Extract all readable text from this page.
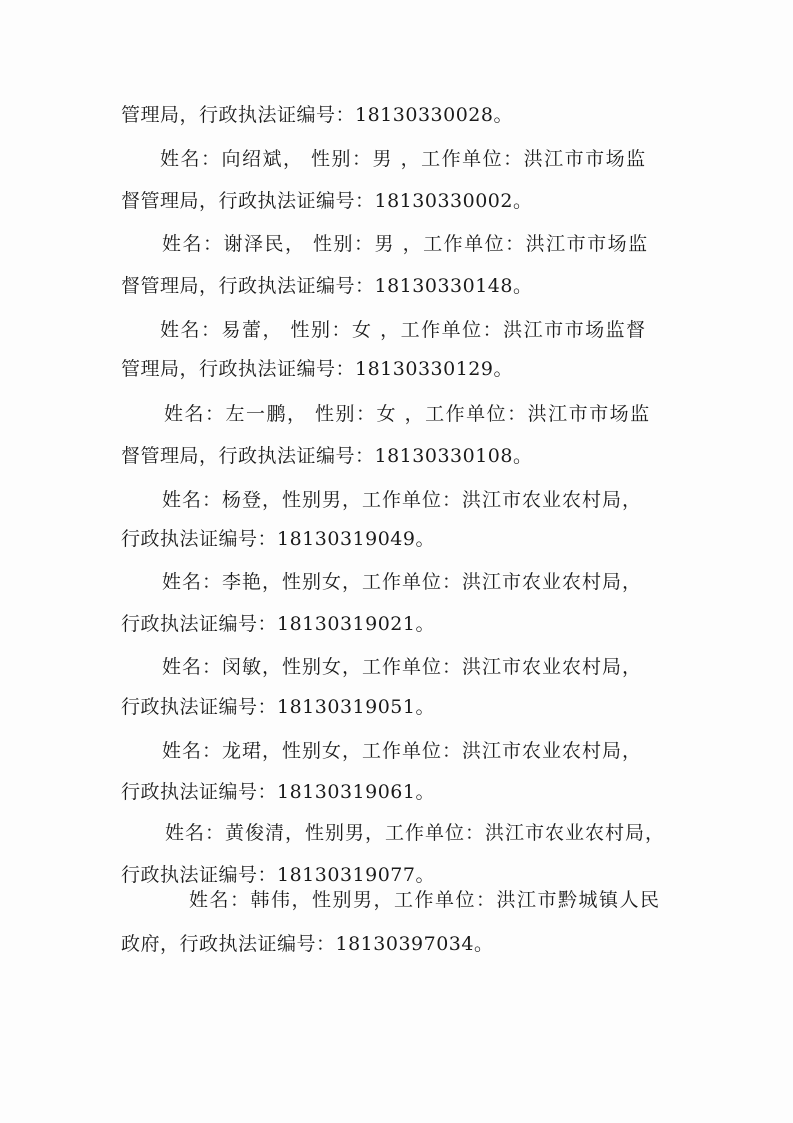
管理局，行政执法证编号：18130330028。
姓名：向绍斌， 性别：男 ，工作单位：洪江市市场监
督管理局，行政执法证编号：18130330002。
姓名：谢泽民， 性别：男 ，工作单位：洪江市市场监
督管理局，行政执法证编号：18130330148。
姓名：易蕾， 性别：女 ，工作单位：洪江市市场监督
管理局，行政执法证编号：18130330129。
姓名：左一鹏， 性别：女 ，工作单位：洪江市市场监
督管理局，行政执法证编号：18130330108。
姓名：杨登，性别男，工作单位：洪江市农业农村局，
行政执法证编号：18130319049。
姓名：李艳，性别女，工作单位：洪江市农业农村局，
行政执法证编号：18130319021。
姓名：闵敏，性别女，工作单位：洪江市农业农村局，
行政执法证编号：18130319051。
姓名：龙珺，性别女，工作单位：洪江市农业农村局，
行政执法证编号：18130319061。
姓名：黄俊清，性别男，工作单位：洪江市农业农村局，
行政执法证编号：18130319077。
姓名：韩伟，性别男，工作单位：洪江市黔城镇人民
政府，行政执法证编号：18130397034。
